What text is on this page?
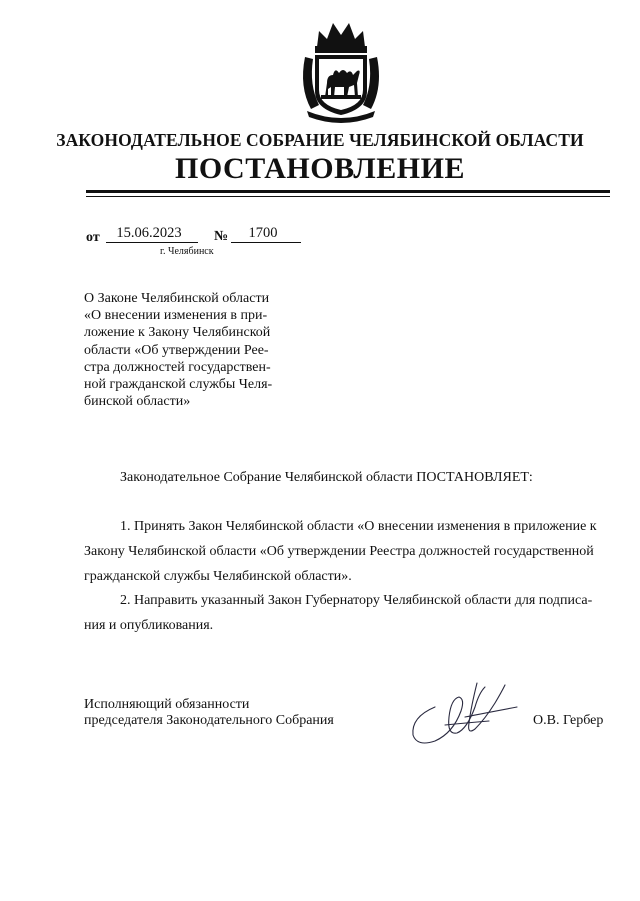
ЗАКОНОДАТЕЛЬНОЕ СОБРАНИЕ ЧЕЛЯБИНСКОЙ ОБЛАСТИ
ПОСТАНОВЛЕНИЕ
от	15.06.2023	№	1700
г. Челябинск
О Законе Челябинской области
«О внесении изменения в при-
ложение к Закону Челябинской
области «Об утверждении Рее-
стра должностей государствен-
ной гражданской службы Челя-
бинской области»
Законодательное Собрание Челябинской области ПОСТАНОВЛЯЕТ:
1. Принять Закон Челябинской области «О внесении изменения в приложение к
Закону Челябинской области «Об утверждении Реестра должностей государственной
гражданской службы Челябинской области».
2. Направить указанный Закон Губернатору Челябинской области для подписа-
ния и опубликования.
Исполняющий обязанности
председателя Законодательного Собрания	О.В. Гербер
